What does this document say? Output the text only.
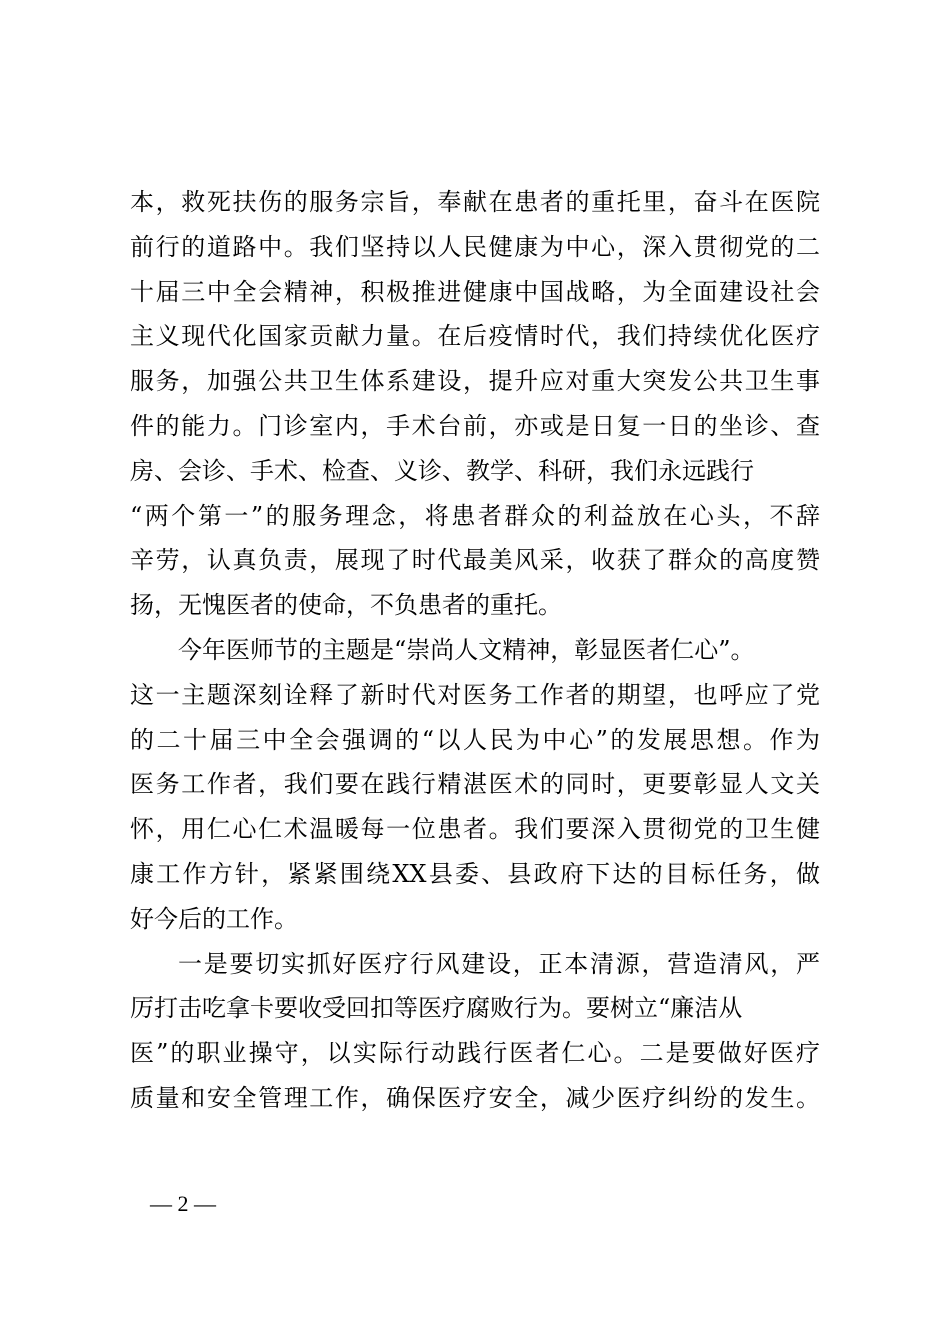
本，救死扶伤的服务宗旨，奉献在患者的重托里，奋斗在医院
前行的道路中。我们坚持以人民健康为中心，深入贯彻党的二
十届三中全会精神，积极推进健康中国战略，为全面建设社会
主义现代化国家贡献力量。在后疫情时代，我们持续优化医疗
服务，加强公共卫生体系建设，提升应对重大突发公共卫生事
件的能力。门诊室内，手术台前，亦或是日复一日的坐诊、查
房、会诊、手术、检查、义诊、教学、科研，我们永远践行
“两个第一”的服务理念，将患者群众的利益放在心头，不辞
辛劳，认真负责，展现了时代最美风采，收获了群众的高度赞
扬，无愧医者的使命，不负患者的重托。
今年医师节的主题是“崇尚人文精神，彰显医者仁心”。
这一主题深刻诠释了新时代对医务工作者的期望，也呼应了党
的二十届三中全会强调的“以人民为中心”的发展思想。作为
医务工作者，我们要在践行精湛医术的同时，更要彰显人文关
怀，用仁心仁术温暖每一位患者。我们要深入贯彻党的卫生健
康工作方针，紧紧围绕XX县委、县政府下达的目标任务，做
好今后的工作。
一是要切实抓好医疗行风建设，正本清源，营造清风，严
厉打击吃拿卡要收受回扣等医疗腐败行为。要树立“廉洁从
医”的职业操守，以实际行动践行医者仁心。二是要做好医疗
质量和安全管理工作，确保医疗安全，减少医疗纠纷的发生。
— 2 —
